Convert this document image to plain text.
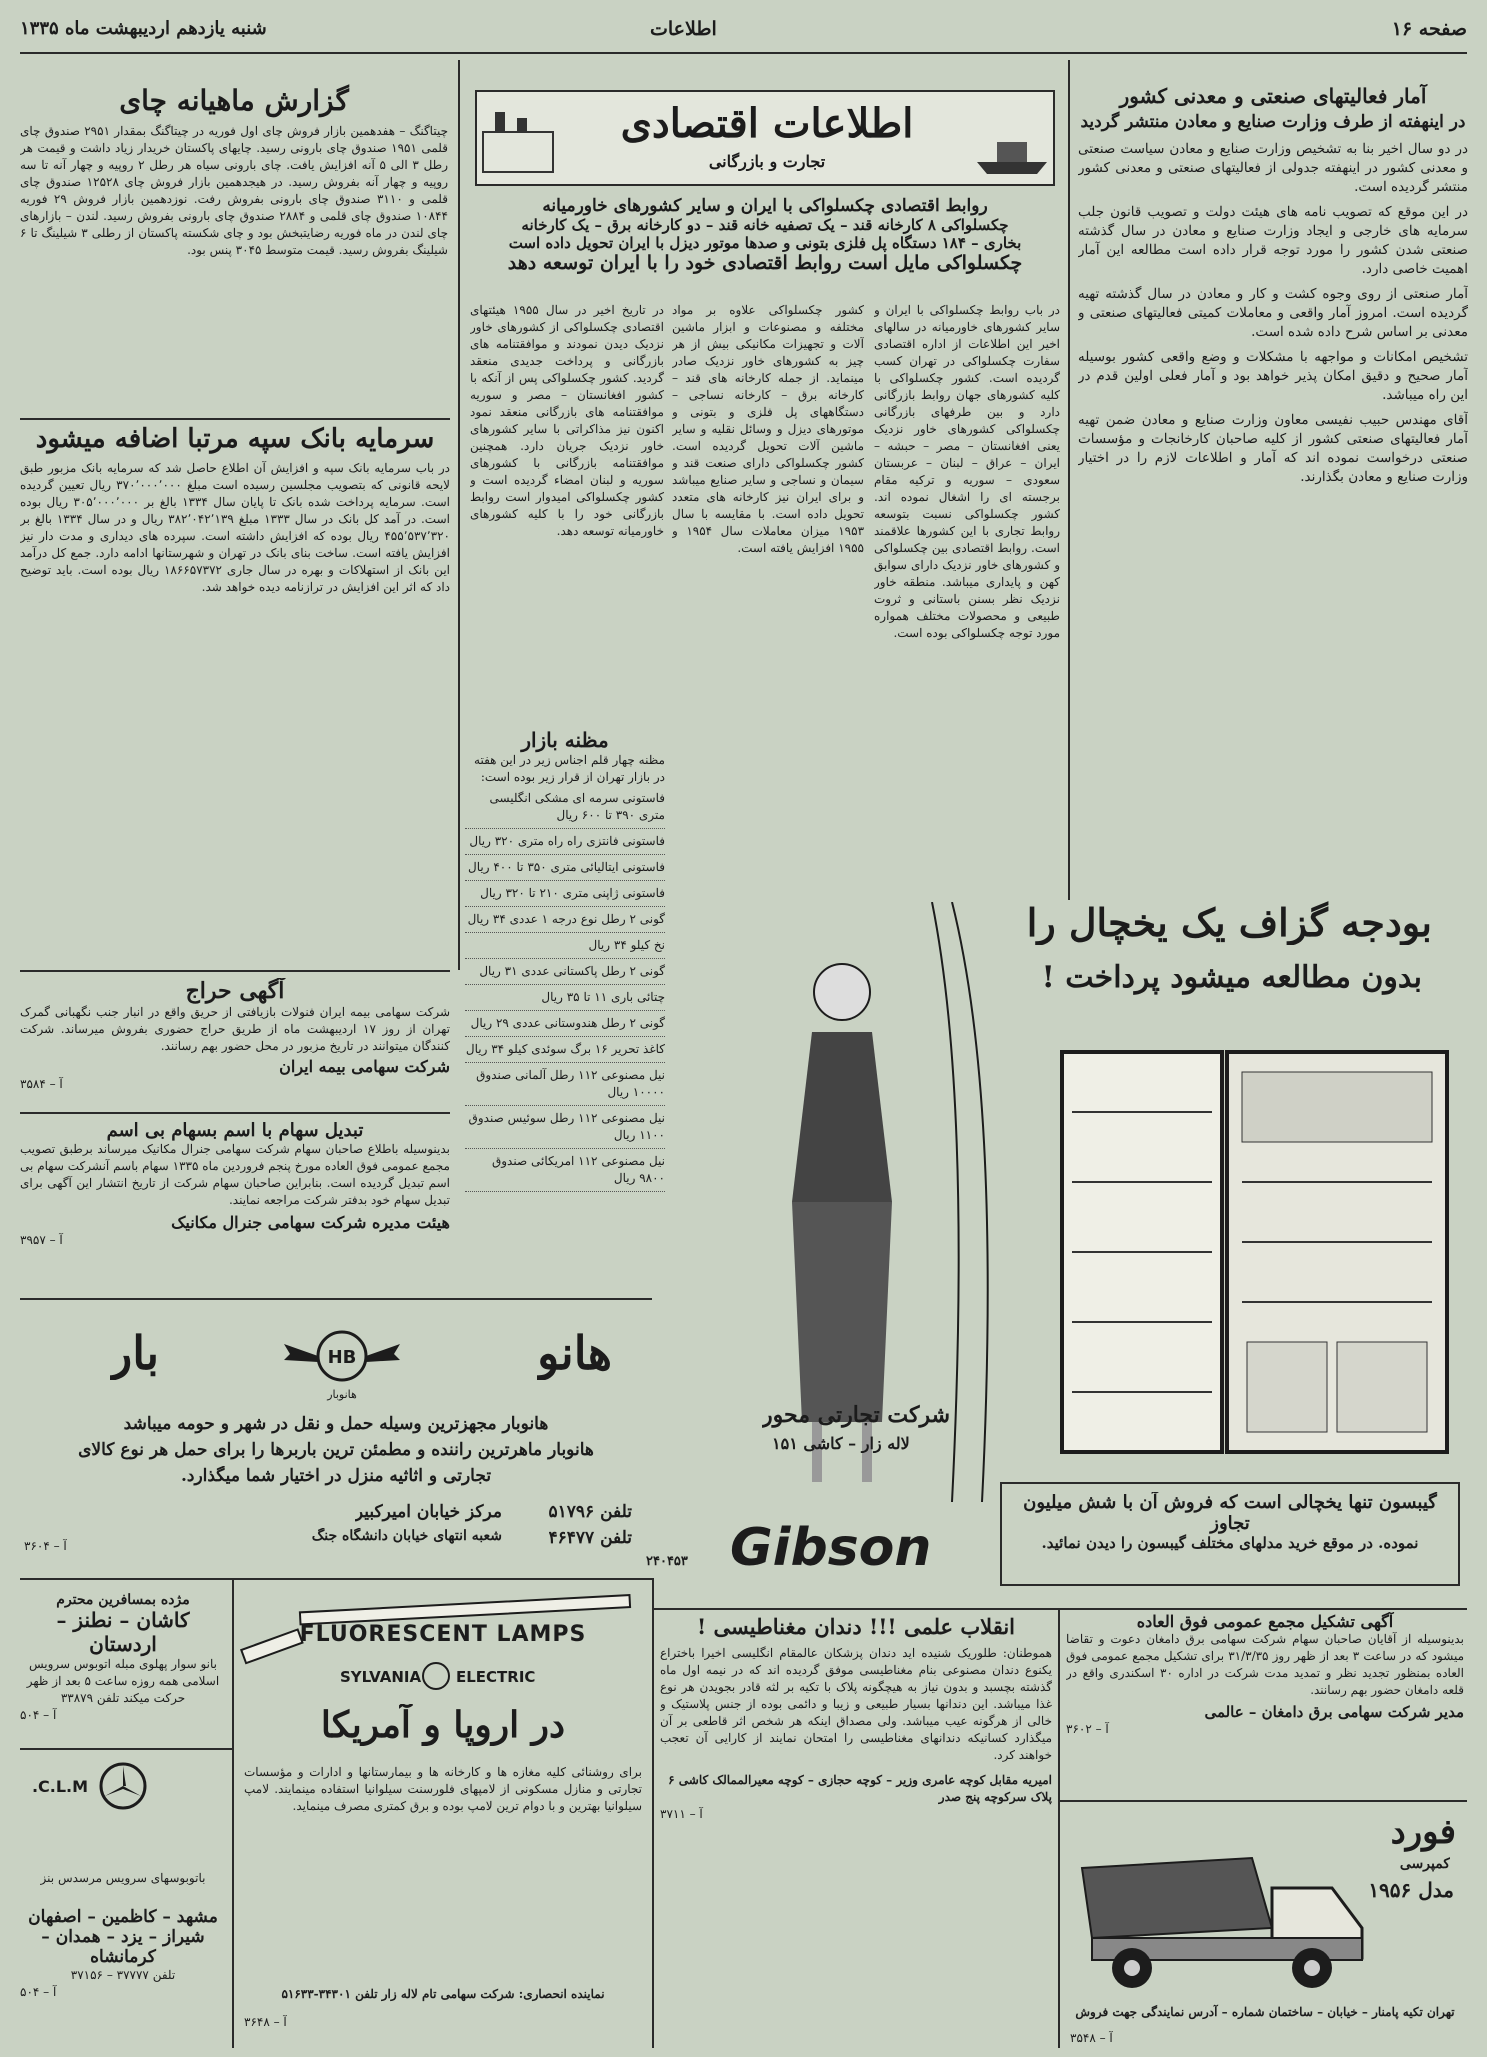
صفحه ۱۶
اطلاعات
شنبه یازدهم اردیبهشت ماه ۱۳۳۵
آمار فعالیتهای صنعتی و معدنی کشور
در اینهفته از طرف وزارت صنایع و معادن منتشر گردید

در دو سال اخیر بنا به تشخیص وزارت صنایع و معادن سیاست صنعتی و معدنی کشور در اینهفته جدولی از فعالیتهای صنعتی و معدنی کشور منتشر گردیده است.

در این موقع که تصویب نامه های هیئت دولت و تصویب قانون جلب سرمایه های خارجی و ایجاد وزارت صنایع و معادن در سال گذشته صنعتی شدن کشور را مورد توجه قرار داده است مطالعه این آمار اهمیت خاصی دارد.

آمار صنعتی از روی وجوه کشت و کار و معادن در سال گذشته تهیه گردیده است. امروز آمار واقعی و معاملات کمیتی فعالیتهای صنعتی و معدنی بر اساس شرح داده شده است.

تشخیص امکانات و مواجهه با مشکلات و وضع واقعی کشور بوسیله آمار صحیح و دقیق امکان پذیر خواهد بود و آمار فعلی اولین قدم در این راه میباشد.

آقای مهندس حبیب نفیسی معاون وزارت صنایع و معادن ضمن تهیه آمار فعالیتهای صنعتی کشور از کلیه صاحبان کارخانجات و مؤسسات صنعتی درخواست نموده اند که آمار و اطلاعات لازم را در اختیار وزارت صنایع و معادن بگذارند.

اطلاعات اقتصادی
تجارت و بازرگانی
روابط اقتصادی چکسلواکی با ایران و سایر کشورهای خاورمیانه
چکسلواکی ۸ کارخانه قند – یک تصفیه خانه قند – دو کارخانه برق – یک کارخانه
بخاری – ۱۸۴ دستگاه پل فلزی بتونی و صدها موتور دیزل با ایران تحویل داده است
چکسلواکی مایل است روابط اقتصادی خود را با ایران توسعه دهد
در باب روابط چکسلواکی با ایران و سایر کشورهای خاورمیانه در سالهای اخیر این اطلاعات از اداره اقتصادی سفارت چکسلواکی در تهران کسب گردیده است. کشور چکسلواکی با کلیه کشورهای جهان روابط بازرگانی دارد و بین طرفهای بازرگانی چکسلواکی کشورهای خاور نزدیک یعنی افغانستان – مصر – حبشه – ایران – عراق – لبنان – عربستان سعودی – سوریه و ترکیه مقام برجسته ای را اشغال نموده اند. کشور چکسلواکی نسبت بتوسعه روابط تجاری با این کشورها علاقمند است. روابط اقتصادی بین چکسلواکی و کشورهای خاور نزدیک دارای سوابق کهن و پایداری میباشد. منطقه خاور نزدیک نظر بسنن باستانی و ثروت طبیعی و محصولات مختلف همواره مورد توجه چکسلواکی بوده است.
کشور چکسلواکی علاوه بر مواد مختلفه و مصنوعات و ابزار ماشین آلات و تجهیزات مکانیکی بیش از هر چیز به کشورهای خاور نزدیک صادر مینماید. از جمله کارخانه های قند – کارخانه برق – کارخانه نساجی – دستگاههای پل فلزی و بتونی و موتورهای دیزل و وسائل نقلیه و سایر ماشین آلات تحویل گردیده است. کشور چکسلواکی دارای صنعت قند و سیمان و نساجی و سایر صنایع میباشد و برای ایران نیز کارخانه های متعدد تحویل داده است. با مقایسه با سال ۱۹۵۳ میزان معاملات سال ۱۹۵۴ و ۱۹۵۵ افزایش یافته است.
در تاریخ اخیر در سال ۱۹۵۵ هیئتهای اقتصادی چکسلواکی از کشورهای خاور نزدیک دیدن نمودند و موافقتنامه های بازرگانی و پرداخت جدیدی منعقد گردید. کشور چکسلواکی پس از آنکه با کشور افغانستان – مصر و سوریه موافقتنامه های بازرگانی منعقد نمود اکنون نیز مذاکراتی با سایر کشورهای خاور نزدیک جریان دارد. همچنین موافقتنامه بازرگانی با کشورهای سوریه و لبنان امضاء گردیده است و کشور چکسلواکی امیدوار است روابط بازرگانی خود را با کلیه کشورهای خاورمیانه توسعه دهد.
مظنه بازار
مظنه چهار قلم اجناس زیر در این هفته در بازار تهران از قرار زیر بوده است:
فاستونی سرمه ای مشکی انگلیسی متری ۳۹۰ تا ۶۰۰ ریال
فاستونی فانتزی راه راه متری ۳۲۰ ریال
فاستونی ایتالیائی متری ۳۵۰ تا ۴۰۰ ریال
فاستونی ژاپنی متری ۲۱۰ تا ۳۲۰ ریال
گونی ۲ رطل نوع درجه ۱ عددی ۳۴ ریال
نخ کیلو ۳۴ ریال
گونی ۲ رطل پاکستانی عددی ۳۱ ریال
چتائی باری ۱۱ تا ۳۵ ریال
گونی ۲ رطل هندوستانی عددی ۲۹ ریال
کاغذ تحریر ۱۶ برگ سوئدی کیلو ۳۴ ریال
نیل مصنوعی ۱۱۲ رطل آلمانی صندوق ۱۰۰۰۰ ریال
نیل مصنوعی ۱۱۲ رطل سوئیس صندوق ۱۱۰۰ ریال
نیل مصنوعی ۱۱۲ امریکائی صندوق ۹۸۰۰ ریال
گزارش ماهیانه چای
چیتاگنگ – هفدهمین بازار فروش چای اول فوریه در چیتاگنگ بمقدار ۲۹۵۱ صندوق چای قلمی ۱۹۵۱ صندوق چای بارونی رسید. چایهای پاکستان خریدار زیاد داشت و قیمت هر رطل ۳ الی ۵ آنه افزایش یافت. چای بارونی سیاه هر رطل ۲ روپیه و چهار آنه تا سه روپیه و چهار آنه بفروش رسید. در هیجدهمین بازار فروش چای ۱۲۵۲۸ صندوق چای قلمی و ۳۱۱۰ صندوق چای بارونی بفروش رفت. نوزدهمین بازار فروش ۲۹ فوریه ۱۰۸۴۴ صندوق چای قلمی و ۲۸۸۴ صندوق چای بارونی بفروش رسید. لندن – بازارهای چای لندن در ماه فوریه رضایتبخش بود و چای شکسته پاکستان از رطلی ۳ شیلینگ تا ۶ شیلینگ بفروش رسید. قیمت متوسط ۳۰۴۵ پنس بود.
سرمایه بانک سپه مرتبا اضافه میشود
در باب سرمایه بانک سپه و افزایش آن اطلاع حاصل شد که سرمایه بانک مزبور طبق لایحه قانونی که بتصویب مجلسین رسیده است مبلغ ۳۷۰٬۰۰۰٬۰۰۰ ریال تعیین گردیده است. سرمایه پرداخت شده بانک تا پایان سال ۱۳۳۴ بالغ بر ۳۰۵٬۰۰۰٬۰۰۰ ریال بوده است. در آمد کل بانک در سال ۱۳۳۳ مبلغ ۳۸۲٬۰۴۲٬۱۳۹ ریال و در سال ۱۳۳۴ بالغ بر ۴۵۵٬۵۳۷٬۳۲۰ ریال بوده که افزایش داشته است. سپرده های دیداری و مدت دار نیز افزایش یافته است. ساخت بنای بانک در تهران و شهرستانها ادامه دارد. جمع کل درآمد این بانک از استهلاکات و بهره در سال جاری ۱۸۶۶۵۷۳۷۲ ریال بوده است. باید توضیح داد که اثر این افزایش در ترازنامه دیده خواهد شد.
آگهی حراج
شرکت سهامی بیمه ایران فنولات بازیافتی از حریق واقع در انبار جنب نگهبانی گمرک تهران از روز ۱۷ اردیبهشت ماه از طریق حراج حضوری بفروش میرساند. شرکت کنندگان میتوانند در تاریخ مزبور در محل حضور بهم رسانند.
شرکت سهامی بیمه ایران
آ – ۳۵۸۴
تبدیل سهام با اسم بسهام بی اسم
بدینوسیله باطلاع صاحبان سهام شرکت سهامی جنرال مکانیک میرساند برطبق تصویب مجمع عمومی فوق العاده مورخ پنجم فروردین ماه ۱۳۳۵ سهام باسم آنشرکت سهام بی اسم تبدیل گردیده است. بنابراین صاحبان سهام شرکت از تاریخ انتشار این آگهی برای تبدیل سهام خود بدفتر شرکت مراجعه نمایند.
هیئت مدیره شرکت سهامی جنرال مکانیک
آ – ۳۹۵۷
هانو
بار	HB
هانوبار
هانوبار مجهزترین وسیله حمل و نقل در شهر و حومه میباشد
هانوبار ماهرترین راننده و مطمئن ترین باربرها را برای حمل هر نوع کالای
تجارتی و اثاثیه منزل در اختیار شما میگذارد.
مرکز خیابان امیرکبیر	تلفن ۵۱۷۹۶
شعبه انتهای خیابان دانشگاه جنگ	تلفن ۴۶۴۷۷
آ – ۳۶۰۴
بودجه گزاف یک یخچال را
بدون مطالعه میشود پرداخت !
شرکت تجارتی محور
لاله زار – کاشی ۱۵۱
Gibson
۲۴۰۴۵۳
گیبسون تنها یخچالی است که فروش آن با شش میلیون تجاوز
نموده. در موقع خرید مدلهای مختلف گیبسون را دیدن نمائید.
مژده بمسافرین محترم
کاشان – نطنز – اردستان
بانو سوار پهلوی مبله اتوبوس سرویس اسلامی همه روزه ساعت ۵ بعد از ظهر حرکت میکند تلفن ۳۳۸۷۹
آ – ۵۰۴
C.L.M.
باتوبوسهای سرویس مرسدس بنز
مشهد – کاظمین – اصفهان
شیراز – یزد – همدان – کرمانشاه
تلفن ۳۷۷۷۷ – ۳۷۱۵۶
آ – ۵۰۴
FLUORESCENT LAMPS
SYLVANIA ELECTRIC
در اروپا و آمریکا
برای روشنائی کلیه مغازه ها و کارخانه ها و بیمارستانها و ادارات و مؤسسات تجارتی و منازل مسکونی از لامپهای فلورسنت سیلوانیا استفاده مینمایند. لامپ سیلوانیا بهترین و با دوام ترین لامپ بوده و برق کمتری مصرف مینماید.
نماینده انحصاری: شرکت سهامی تام لاله زار تلفن ۳۴۳۰۱-۵۱۶۳۳
آ – ۳۶۴۸
انقلاب علمی !!! دندان مغناطیسی !
هموطنان: طلوریک شنیده اید دندان پزشکان عالمقام انگلیسی اخیرا باختراع یکنوع دندان مصنوعی بنام مغناطیسی موفق گردیده اند که در نیمه اول ماه گذشته بچسبد و بدون نیاز به هیچگونه پلاک با تکیه بر لثه قادر بجویدن هر نوع غذا میباشد. این دندانها بسیار طبیعی و زیبا و دائمی بوده از جنس پلاستیک و خالی از هرگونه عیب میباشد. ولی مصداق اینکه هر شخص اثر قاطعی بر آن میگذارد کسانیکه دندانهای مغناطیسی را امتحان نمایند از کارایی آن تعجب خواهند کرد.
امیریه مقابل کوچه عامری وزیر – کوچه حجازی – کوچه معیرالممالک کاشی ۶ پلاک سرکوچه پنج صدر
آ – ۳۷۱۱
آگهی تشکیل مجمع عمومی فوق العاده
بدینوسیله از آقایان صاحبان سهام شرکت سهامی برق دامغان دعوت و تقاضا میشود که در ساعت ۳ بعد از ظهر روز ۳۱/۳/۳۵ برای تشکیل مجمع عمومی فوق العاده بمنظور تجدید نظر و تمدید مدت شرکت در اداره ۳۰ اسکندری واقع در قلعه دامغان حضور بهم رسانند.
مدیر شرکت سهامی برق دامغان – عالمی
آ – ۳۶۰۲
فورد
کمپرسی
مدل ۱۹۵۶
تهران تکیه پامنار – خیابان – ساختمان شماره – آدرس نمایندگی جهت فروش
آ – ۳۵۴۸
